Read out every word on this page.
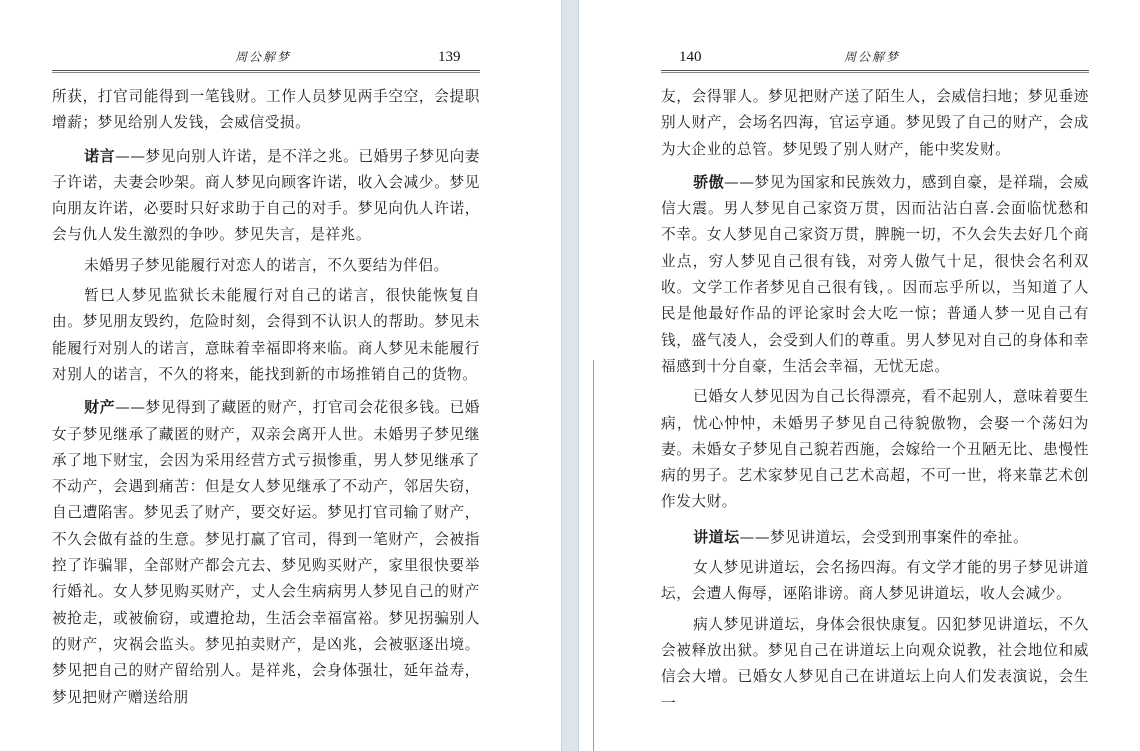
周公解梦	139

所获，打官司能得到一笔钱财。工作人员梦见两手空空，会提职增薪；梦见给别人发钱，会威信受损。

诺言——梦见向别人许诺，是不洋之兆。已婚男子梦见向妻子许诺，夫妻会吵架。商人梦见向顾客许诺，收入会减少。梦见向朋友许诺，必要时只好求助于自己的对手。梦见向仇人许诺，会与仇人发生激烈的争吵。梦见失言，是祥兆。

未婚男子梦见能履行对恋人的诺言，不久要结为伴侣。

暂巳人梦见监狱长未能履行对自己的诺言，很快能恢复自由。梦见朋友毁约，危险时刻，会得到不认识人的帮助。梦见未能履行对别人的诺言，意昧着幸福即将来临。商人梦见未能履行对别人的诺言，不久的将来，能找到新的市场推销自己的货物。

财产——梦见得到了藏匿的财产，打官司会花很多钱。已婚女子梦见继承了藏匿的财产，双亲会离开人世。未婚男子梦见继承了地下财宝，会因为采用经营方式亏损惨重，男人梦见继承了不动产，会遇到痛苦：但是女人梦见继承了不动产，邻居失窃，自己遭陷害。梦见丢了财产，要交好运。梦见打官司输了财产，不久会做有益的生意。梦见打赢了官司，得到一笔财产，会被指控了诈骗罪，全部财产都会亢去、梦见购买财产，家里很快要举行婚礼。女人梦见购买财产，丈人会生病病男人梦见自己的财产被抢走，或被偷窃，或遭抢劫，生活会幸福富裕。梦见拐骗别人的财产，灾祸会监头。梦见拍卖财产，是凶兆，会被驱逐出境。梦见把自己的财产留给别人。是祥兆，会身体强壮，延年益寿，梦见把财产赠送给朋

140	周公解梦

友，会得罪人。梦见把财产送了陌生人，会威信扫地；梦见垂迹别人财产，会场名四海，官运亨通。梦见毁了自己的财产，会成为大企业的总管。梦见毁了别人财产，能中奖发财。

骄傲——梦见为国家和民族效力，感到自豪，是祥瑞，会威信大震。男人梦见自己家资万贯，因而沾沾白喜.会面临忧愁和不幸。女人梦见自己家资万贯，脾腕一切，不久会失去好几个商业点，穷人梦见自己很有钱，对旁人傲气十足，很快会名利双收。文学工作者梦见自己很有钱，。因而忘乎所以，当知道了人民是他最好作品的评论家时会大吃一惊；普通人梦一见自己有钱，盛气凌人，会受到人们的尊重。男人梦见对自己的身体和幸福感到十分自豪，生活会幸福，无忧无虑。

已婚女人梦见因为自己长得漂亮，看不起别人，意味着要生病，忧心忡忡，未婚男子梦见自己待貌傲物，会娶一个荡妇为妻。未婚女子梦见自己貌若西施，会嫁给一个丑陋无比、患慢性病的男子。艺术家梦见自己艺术高超，不可一世，将来靠艺术创作发大财。

讲道坛——梦见讲道坛，会受到刑事案件的牵扯。

女人梦见讲道坛，会名扬四海。有文学才能的男子梦见讲道坛，会遭人侮辱，诬陷诽谤。商人梦见讲道坛，收人会减少。

病人梦见讲道坛，身体会很快康复。囚犯梦见讲道坛，不久会被释放出狱。梦见自己在讲道坛上向观众说教，社会地位和威信会大增。已婚女人梦见自己在讲道坛上向人们发表演说，会生一
